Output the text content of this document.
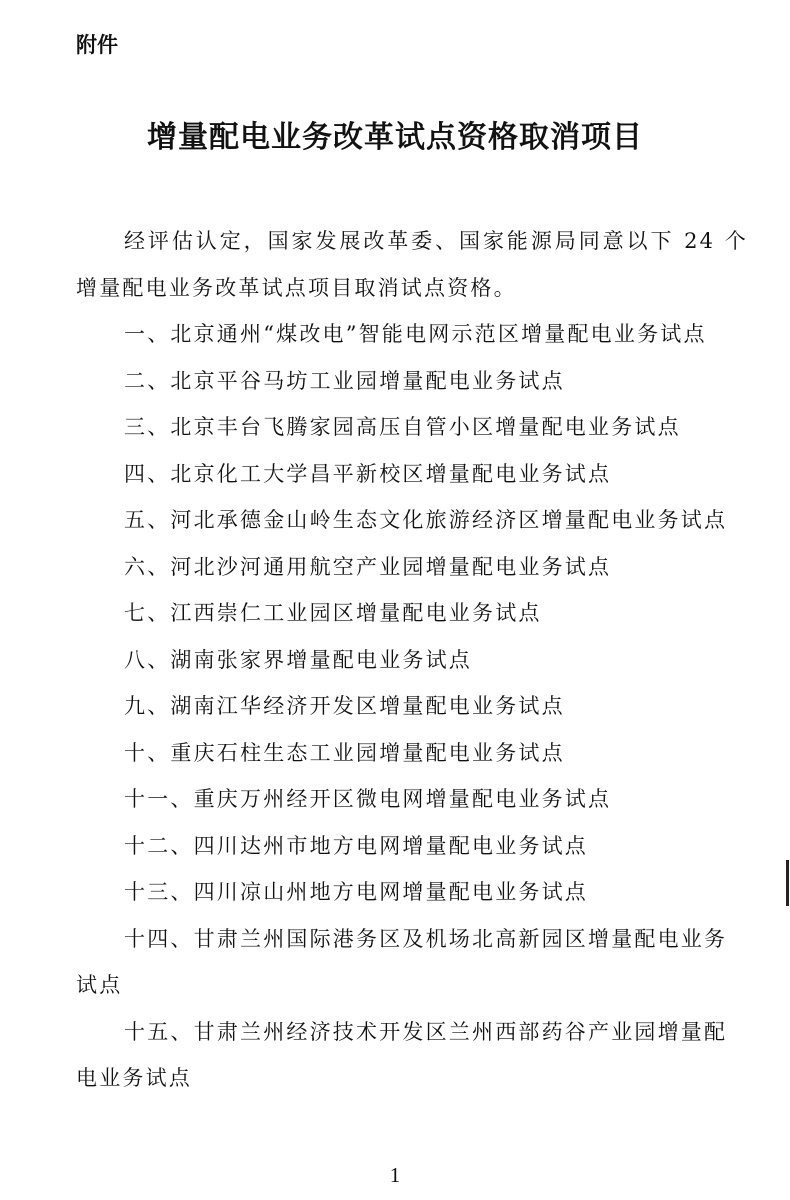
附件

增量配电业务改革试点资格取消项目

经评估认定，国家发展改革委、国家能源局同意以下 24 个增量配电业务改革试点项目取消试点资格。

一、北京通州“煤改电”智能电网示范区增量配电业务试点
二、北京平谷马坊工业园增量配电业务试点
三、北京丰台飞腾家园高压自管小区增量配电业务试点
四、北京化工大学昌平新校区增量配电业务试点
五、河北承德金山岭生态文化旅游经济区增量配电业务试点
六、河北沙河通用航空产业园增量配电业务试点
七、江西崇仁工业园区增量配电业务试点
八、湖南张家界增量配电业务试点
九、湖南江华经济开发区增量配电业务试点
十、重庆石柱生态工业园增量配电业务试点
十一、重庆万州经开区微电网增量配电业务试点
十二、四川达州市地方电网增量配电业务试点
十三、四川凉山州地方电网增量配电业务试点
十四、甘肃兰州国际港务区及机场北高新园区增量配电业务试点
十五、甘肃兰州经济技术开发区兰州西部药谷产业园增量配电业务试点
1
